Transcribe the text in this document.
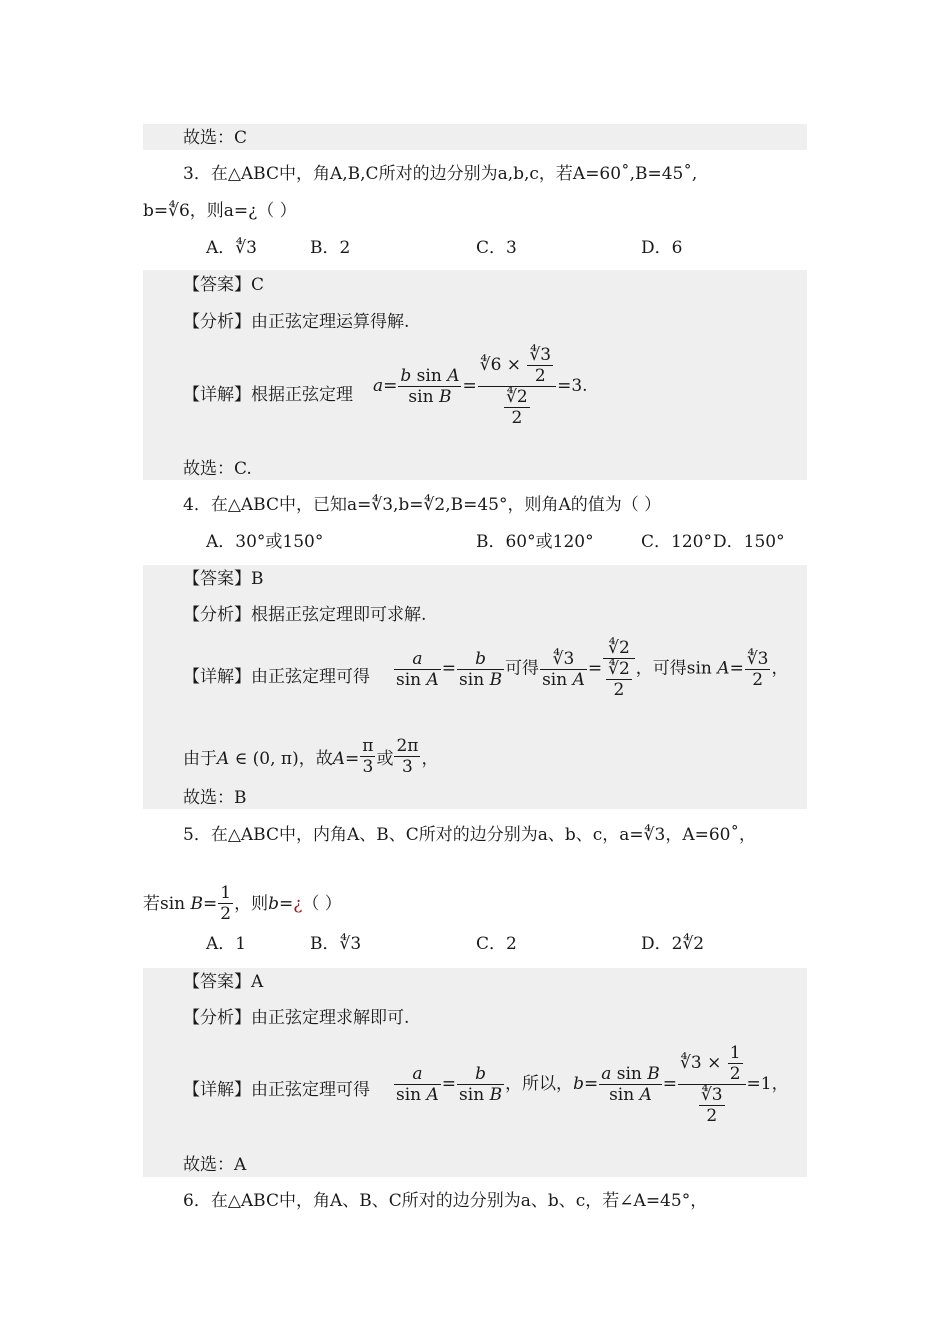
故选：C
3．在△ABC中，角A,B,C所对的边分别为a,b,c，若A=60˚,B=45˚,
b=∜6，则a=¿（ ）
A．∜3	B．2	C．3	D．6
【答案】C
【分析】由正弦定理运算得解.
【详解】根据正弦定理 $a= \frac{\text{b sin A}}{\text{sin B}} = \frac{∜6 \times \frac{∜3}{2}}{\frac{∜2}{2}} =3$.
故选：C.
4．在△ABC中，已知a=∜3,b=∜2,B=45°，则角A的值为（ ）
A．30°或150°	B．60°或120°	C．120° D．150°
【答案】B
【分析】根据正弦定理即可求解.
【详解】由正弦定理可得 $\frac{a}{\text{sin A}} = \frac{b}{\text{sin B}}$ 可得 $\frac{∜3}{\text{sin A}} = \frac{∜2}{\frac{∜2}{2}}$ ，可得$\sin A= \frac{∜3}{2}$ ，
由于A ∈ (0, π)，故$A= \frac{\pi}{3}$ 或 $\frac{2\pi}{3}$ ，
故选：B
5．在△ABC中，内角A、B、C所对的边分别为a、b、c，a=∜3，A=60˚，
若$\sin B= \frac{1}{2}$ ，则b=¿（ ）
A．1	B．∜3	C．2	D．2∜2
【答案】A
【分析】由正弦定理求解即可.
【详解】由正弦定理可得 $\frac{a}{\text{sin A}} = \frac{b}{\text{sin B}}$ ，所以，$b= \frac{\text{a sin B}}{\text{sin A}} = \frac{∜3 \times \frac{1}{2}}{\frac{∜3}{2}} =1$，
故选：A
6．在△ABC中，角A、B、C所对的边分别为a、b、c，若∠A=45°，
